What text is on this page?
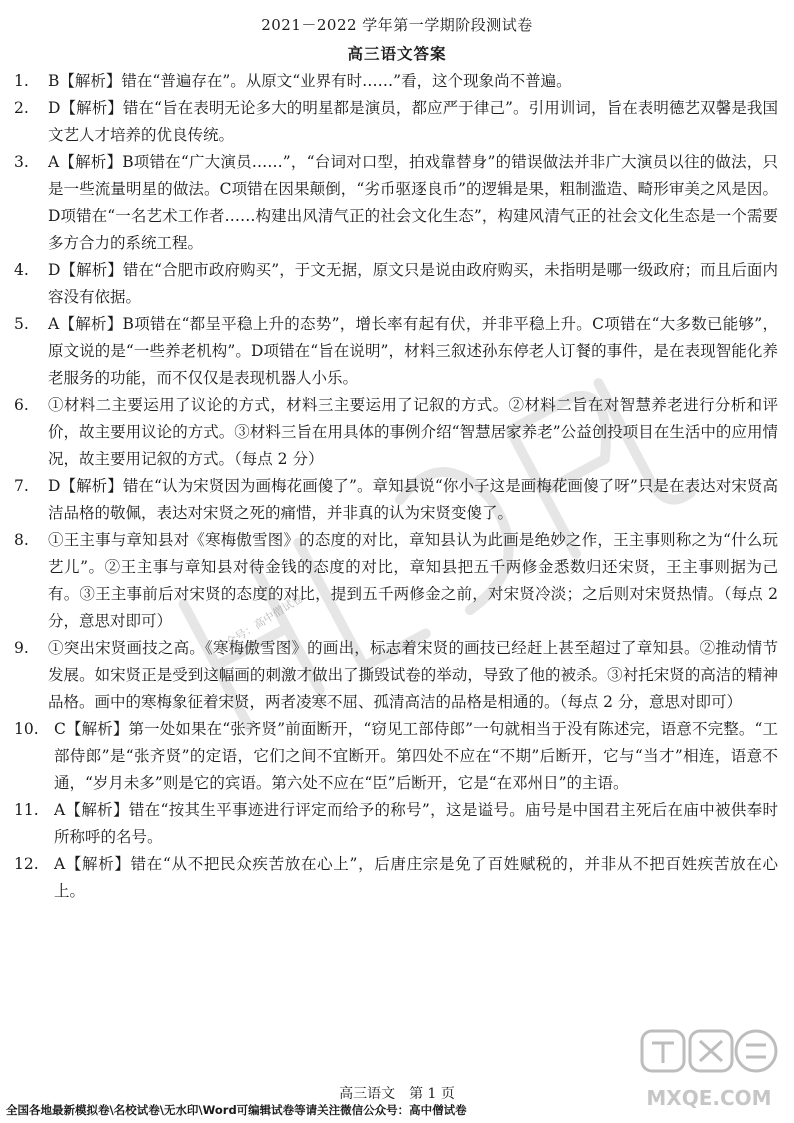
2021－2022 学年第一学期阶段测试卷
高三语文答案

1.	B【解析】错在“普遍存在”。从原文“业界有时……”看，这个现象尚不普遍。

2.	D【解析】错在“旨在表明无论多大的明星都是演员，都应严于律己”。引用训词，旨在表明德艺双馨是我国文艺人才培养的优良传统。

3.	A【解析】B项错在“广大演员……”，“台词对口型，拍戏靠替身”的错误做法并非广大演员以往的做法，只是一些流量明星的做法。C项错在因果颠倒，“劣币驱逐良币”的逻辑是果，粗制滥造、畸形审美之风是因。D项错在“一名艺术工作者……构建出风清气正的社会文化生态”，构建风清气正的社会文化生态是一个需要多方合力的系统工程。

4.	D【解析】错在“合肥市政府购买”，于文无据，原文只是说由政府购买，未指明是哪一级政府；而且后面内容没有依据。

5.	A【解析】B项错在“都呈平稳上升的态势”，增长率有起有伏，并非平稳上升。C项错在“大多数已能够”，原文说的是“一些养老机构”。D项错在“旨在说明”，材料三叙述孙东停老人订餐的事件，是在表现智能化养老服务的功能，而不仅仅是表现机器人小乐。

6.	①材料二主要运用了议论的方式，材料三主要运用了记叙的方式。②材料二旨在对智慧养老进行分析和评价，故主要用议论的方式。③材料三旨在用具体的事例介绍“智慧居家养老”公益创投项目在生活中的应用情况，故主要用记叙的方式。（每点 2 分）

7.	D【解析】错在“认为宋贤因为画梅花画傻了”。章知县说“你小子这是画梅花画傻了呀”只是在表达对宋贤高洁品格的敬佩，表达对宋贤之死的痛惜，并非真的认为宋贤变傻了。

8.	①王主事与章知县对《寒梅傲雪图》的态度的对比，章知县认为此画是绝妙之作，王主事则称之为“什么玩艺儿”。②王主事与章知县对待金钱的态度的对比，章知县把五千两修金悉数归还宋贤，王主事则据为己有。③王主事前后对宋贤的态度的对比，提到五千两修金之前，对宋贤冷淡；之后则对宋贤热情。（每点 2 分，意思对即可）

9.	①突出宋贤画技之高。《寒梅傲雪图》的画出，标志着宋贤的画技已经赶上甚至超过了章知县。②推动情节发展。如宋贤正是受到这幅画的刺激才做出了撕毁试卷的举动，导致了他的被杀。③衬托宋贤的高洁的精神品格。画中的寒梅象征着宋贤，两者凌寒不屈、孤清高洁的品格是相通的。（每点 2 分，意思对即可）

10. C【解析】第一处如果在“张齐贤”前面断开，“窃见工部侍郎”一句就相当于没有陈述完，语意不完整。“工部侍郎”是“张齐贤”的定语，它们之间不宜断开。第四处不应在“不期”后断开，它与“当才”相连，语意不通，“岁月未多”则是它的宾语。第六处不应在“臣”后断开，它是“在邓州日”的主语。

11. A【解析】错在“按其生平事迹进行评定而给予的称号”，这是谥号。庙号是中国君主死后在庙中被供奉时所称呼的名号。

12. A【解析】错在“从不把民众疾苦放在心上”，后唐庄宗是免了百姓赋税的，并非从不把百姓疾苦放在心上。

公众号：高中僧试卷
高三语文　第 1 页
全国各地最新模拟卷\名校试卷\无水印\Word可编辑试卷等请关注微信公众号：高中僧试卷	MXQE.COM
